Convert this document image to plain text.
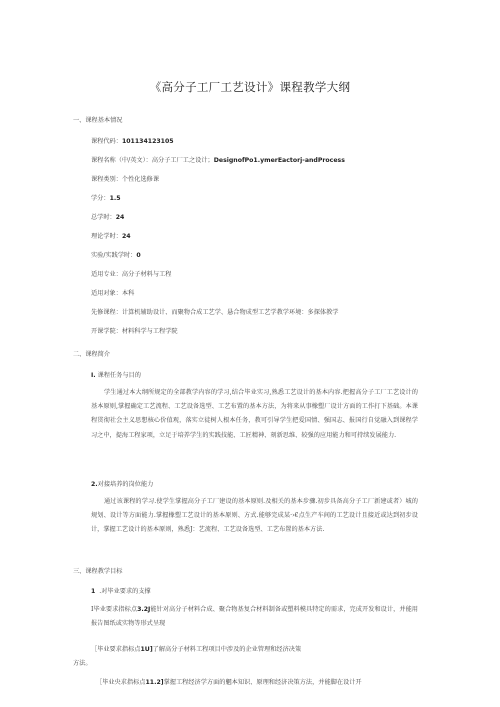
《高分子工厂工艺设计》课程教学大纲
一、课程基本情况
课程代码：101134123105
课程名称（中/英文）：高分子工厂工之设计；DesignofPo1.ymerEactorj-andProcess
课程类别：个性化选修课
学分：1.5
总学时：24
理论学时：24
实验/实践学时：0
适用专业：高分子材料与工程
适用对象：本科
先修课程：计算机辅助设计、而聚物合成工艺学、悬合物成型工艺学教学环境：多探体教学
开课学院：材料科学与工程学院
二、课程简介
I. 课程任务与目的
学生通过本大纲所规定的全部教学内容的学习,结合毕业实习,熟悉工艺设计的基本内容.把握高分子工厂工艺设计的基本原则,掌握确定工艺流程、工艺设备选型、工艺布置的基本方法，为将来从事橡塑厂设计方面的工作打下基础。本课程贯彻社会主义思想核心价值观，落实立徒树人根本任务，教可引导学生把爱国情、强国志、报国行自觉融入到课程学习之中，提海工程家项，立足于培养学生的实践技能、工匠精神、刻新思维、较强的应用能力和可持续发展能力.
2.对接培养的岗位能力
通过该课程的学习.使学生掌握高分子工厂建设的基本原则.及相关的基本步骤.初步具备高分子工厂新建或者）城的规划、设计等方面能力.掌握橡塑工艺设计的基本原则、方式.能够完成某·›€点生产车间的工艺设计且接近或达到初步设计，掌握工艺设计的基本原则，熟悉J：艺流程、工艺设备选型、工艺布置的基本方法.
三、课程教学目标
1 .对毕业要求的支撑
I毕业要求指标点3.2J能针对高分子材料合成、聚合物基复合材料制备或塑料模具特定的需求，完成开发和设计，并能用报告图纸或实物等形式呈现
［毕业要求指标点1U]了解高分子材料工程项目中涉及的企业管理和经济决策
方法。
［毕业央求指标点11.2]掌握工程经济学方面的魍本知识、原理和经济决策方法，并能脚在设计开
